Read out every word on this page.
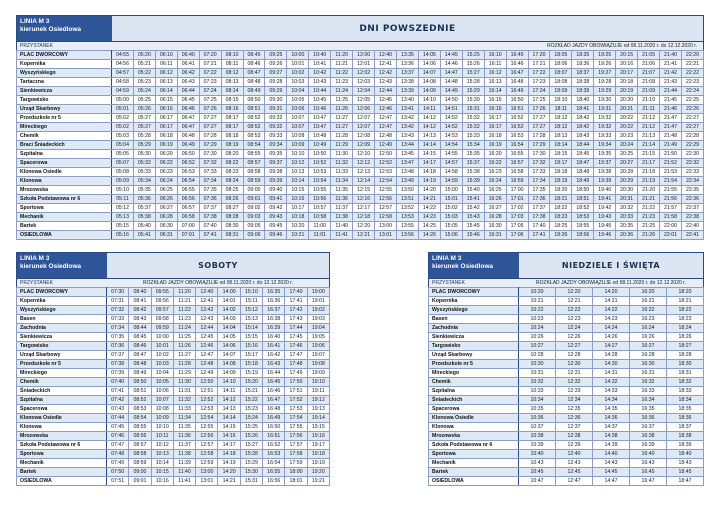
LINIA M 3
kierunek Osiedlowa	DNI POWSZEDNIE
PRZYSTANEK	ROZKŁAD JAZDY OBOWIĄZUJE od 08.11.2020 r. do 12.12.2020 r.
PLAC DWORCOWY	04:55	05:20	06:10	06:40	07:20	08:10	08:45	09:25	10:00	10:40	11:20	12:00	12:40	13:35	14:05	14:45	15:25	16:10	16:45	17:20	18:05	18:35	19:25	20:15	21:05	21:40	22:20
Kopernika	04:56	05:21	06:11	06:41	07:21	08:11	08:46	09:26	10:01	10:41	11:21	12:01	12:41	13:36	14:06	14:46	15:26	16:11	16:46	17:21	18:06	18:36	19:26	20:16	21:06	21:41	22:21
Wyszyńskiego	04:57	05:22	06:12	06:42	07:22	08:12	08:47	09:27	10:02	10:42	11:22	12:02	12:42	13:37	14:07	14:47	15:27	16:12	16:47	17:22	18:07	18:37	19:27	20:17	21:07	21:42	22:22
Tartaczna	04:58	05:23	06:13	06:43	07:23	08:13	08:48	09:28	10:03	10:43	11:23	12:03	12:43	13:38	14:08	14:48	15:28	16:13	16:48	17:23	18:08	18:38	19:28	20:18	21:08	21:43	22:23
Sienkiewicza	04:59	05:24	06:14	06:44	07:24	08:14	08:49	09:29	10:04	10:44	11:24	12:04	12:44	13:39	14:09	14:49	15:29	16:14	16:49	17:24	18:09	18:39	19:29	20:19	21:09	21:44	22:24
Targowisko	05:00	05:25	06:15	06:45	07:25	08:15	08:50	09:30	10:05	10:45	11:25	12:05	12:45	13:40	14:10	14:50	15:30	16:15	16:50	17:25	18:10	18:40	19:30	20:20	21:10	21:45	22:25
Urząd Skarbowy	05:01	05:26	06:16	06:46	07:26	08:16	08:51	09:31	10:06	10:46	11:26	12:06	12:46	13:41	14:11	14:51	15:31	16:16	16:51	17:26	18:11	18:41	19:31	20:21	21:11	21:46	22:26
Przedszkole nr 5	05:02	05:27	06:17	06:47	07:27	08:17	08:52	09:32	10:07	10:47	11:27	12:07	12:47	13:42	14:12	14:52	15:32	16:17	16:52	17:27	18:12	18:42	19:32	20:22	21:12	21:47	22:27
Mireckiego	05:02	05:27	06:17	06:47	07:27	08:17	08:52	09:32	10:07	10:47	11:27	12:07	12:47	13:42	14:12	14:52	15:32	16:17	16:52	17:27	18:12	18:42	19:32	20:22	21:12	21:47	22:27
Chemik	05:03	05:28	06:18	06:48	07:28	08:18	08:53	09:33	10:08	10:48	11:28	12:08	12:48	13:43	14:13	14:53	15:33	16:18	16:53	17:28	18:13	18:43	19:33	20:23	21:13	21:48	22:28
Braci Śniadeckich	05:04	05:29	06:19	06:49	07:29	08:19	08:54	09:34	10:09	10:49	11:29	12:09	12:49	13:44	14:14	14:54	15:34	16:19	16:54	17:29	18:14	18:44	19:34	20:24	21:14	21:49	22:29
Szpitalna	05:05	05:30	06:20	06:50	07:30	08:20	08:55	09:35	10:10	10:50	11:30	12:10	12:50	13:45	14:15	14:55	15:35	16:20	16:55	17:30	18:15	18:45	19:35	20:25	21:15	21:50	22:30
Spacerowa	05:07	05:32	06:22	06:52	07:32	08:22	08:57	09:37	10:12	10:52	11:32	12:12	12:52	13:47	14:17	14:57	15:37	16:22	16:57	17:32	18:17	18:47	19:37	20:27	21:17	21:52	22:32
Klonowa Osiedle	05:08	05:33	06:23	06:53	07:33	08:23	08:58	09:38	10:13	10:53	11:33	12:13	12:53	13:48	14:18	14:58	15:38	16:23	16:58	17:33	18:18	18:48	19:38	20:28	21:18	21:53	22:33
Klonowa	05:09	05:34	06:24	06:54	07:34	08:24	08:59	09:39	10:14	10:54	11:34	12:14	12:54	13:49	14:19	14:59	15:39	16:24	16:59	17:34	18:19	18:49	19:39	20:29	21:19	21:54	22:34
Mrozowska	05:10	05:35	06:25	06:55	07:35	08:25	09:00	09:40	10:15	10:55	11:35	12:15	12:55	13:50	14:20	15:00	15:40	16:25	17:00	17:35	18:20	18:50	19:40	20:30	21:20	21:55	22:35
Szkoła Podstawowa nr 6	05:11	05:36	06:26	06:56	07:36	08:26	09:01	09:41	10:16	10:56	11:36	12:16	12:56	13:51	14:21	15:01	15:41	16:26	17:01	17:36	18:21	18:51	19:41	20:31	21:21	21:56	22:36
Sportowa	05:12	05:37	06:27	06:57	07:37	08:27	09:02	09:42	10:17	10:57	11:37	12:17	12:57	13:52	14:22	15:02	15:42	16:27	17:02	17:37	18:22	18:52	19:42	20:32	21:22	21:57	22:37
Mechanik	05:13	05:38	06:28	06:58	07:38	08:28	09:03	09:43	10:18	10:58	11:38	12:18	12:58	13:53	14:23	15:03	15:43	16:28	17:03	17:38	18:23	18:53	19:43	20:33	21:23	21:58	22:38
Bartek	05:15	05:40	06:30	07:00	07:40	08:30	09:05	09:45	10:20	11:00	11:40	12:20	13:00	13:55	14:25	15:05	15:45	16:30	17:05	17:40	18:25	18:55	19:45	20:35	21:25	22:00	22:40
OSIEDLOWA	05:16	05:41	06:31	07:01	07:41	08:31	09:06	09:46	10:21	11:01	11:41	12:21	13:01	13:56	14:26	15:06	15:46	16:31	17:06	17:41	18:26	18:56	19:46	20:36	21:26	22:01	22:41
LINIA M 3
kierunek Osiedlowa	SOBOTY
PRZYSTANEK	ROZKŁAD JAZDY OBOWIĄZUJE od 08.11.2020 r. do 12.12.2020 r.
PLAC DWORCOWY	07:30	08:40	09:55	11:20	12:40	14:00	15:10	16:35	17:40	19:00
Kopernika	07:31	08:41	09:56	11:21	12:41	14:01	15:11	16:36	17:41	19:01
Wyszyńskiego	07:32	08:42	09:57	11:22	12:42	14:02	15:12	16:37	17:42	19:02
Basen	07:33	08:43	09:58	11:23	12:43	14:03	15:13	16:38	17:43	19:03
Zachodnia	07:34	08:44	09:59	11:24	12:44	14:04	15:14	16:39	17:44	19:04
Sienkiewicza	07:35	08:45	10:00	11:25	12:45	14:05	15:15	16:40	17:45	19:05
Targowisko	07:36	08:46	10:01	11:26	12:46	14:06	15:16	16:41	17:46	19:06
Urząd Skarbowy	07:37	08:47	10:02	11:27	12:47	14:07	15:17	16:42	17:47	19:07
Przedszkole nr 5	07:38	08:48	10:03	11:28	12:48	14:08	15:18	16:43	17:48	19:08
Mireckiego	07:39	08:49	10:04	11:29	12:49	14:09	15:19	16:44	17:49	19:09
Chemik	07:40	08:50	10:05	11:30	12:50	14:10	15:20	16:45	17:50	19:10
Śniadeckich	07:41	08:51	10:06	11:31	12:51	14:11	15:21	16:46	17:51	19:11
Szpitalna	07:42	08:52	10:07	11:32	12:52	14:12	15:22	16:47	17:52	19:12
Spacerowa	07:43	08:53	10:08	11:33	12:53	14:13	15:23	16:48	17:53	19:13
Klonowa Osiedle	07:44	08:54	10:09	11:34	12:54	14:14	15:24	16:49	17:54	19:14
Klonowa	07:45	08:55	10:10	11:35	12:55	14:15	15:25	16:50	17:55	19:15
Mrozowska	07:46	08:56	10:11	11:36	12:56	14:16	15:26	16:51	17:56	19:16
Szkoła Podstawowa nr 6	07:47	08:57	10:12	11:37	12:57	14:17	15:27	16:52	17:57	19:17
Sportowa	07:48	08:58	10:13	11:38	12:58	14:18	15:28	16:53	17:58	19:18
Mechanik	07:49	08:59	10:14	11:39	12:59	14:19	15:29	16:54	17:59	19:19
Bartek	07:50	09:00	10:15	11:40	13:00	14:20	15:30	16:55	18:00	19:20
OSIEDLOWA	07:51	09:01	10:16	11:41	13:01	14:21	15:31	16:56	18:01	19:21
LINIA M 3
kierunek Osiedlowa	NIEDZIELE I ŚWIĘTA
PRZYSTANEK	ROZKŁAD JAZDY OBOWIĄZUJE od 08.11.2020 r. do 12.12.2020 r.
PLAC DWORCOWY	10:20	12:20	14:20	16:20	18:20
Kopernika	10:21	12:21	14:21	16:21	18:21
Wyszyńskiego	10:22	12:22	14:22	16:22	18:22
Basen	10:23	12:23	14:23	16:23	18:23
Zachodnia	10:24	12:24	14:24	16:24	18:24
Sienkiewicza	10:26	12:26	14:26	16:26	18:26
Targowisko	10:27	12:27	14:27	16:27	18:27
Urząd Skarbowy	10:28	12:28	14:28	16:28	18:28
Przedszkole nr 5	10:30	12:30	14:30	16:30	18:30
Mireckiego	10:31	12:31	14:31	16:31	18:31
Chemik	10:32	12:32	14:32	16:32	18:32
Szpitalna	10:33	12:33	14:33	16:33	18:33
Śniadeckich	10:34	12:34	14:34	16:34	18:34
Spacerowa	10:35	12:35	14:35	16:35	18:35
Klonowa Osiedle	10:36	12:36	14:36	16:36	18:36
Klonowa	10:37	12:37	14:37	16:37	18:37
Mrozowska	10:38	12:38	14:38	16:38	18:38
Szkoła Podstawowa nr 6	10:39	12:39	14:39	16:39	18:39
Sportowa	10:40	12:40	14:40	16:40	18:40
Mechanik	10:43	12:43	14:43	16:43	18:43
Bartek	10:45	12:45	14:45	16:45	18:45
OSIEDLOWA	10:47	12:47	14:47	16:47	18:47
